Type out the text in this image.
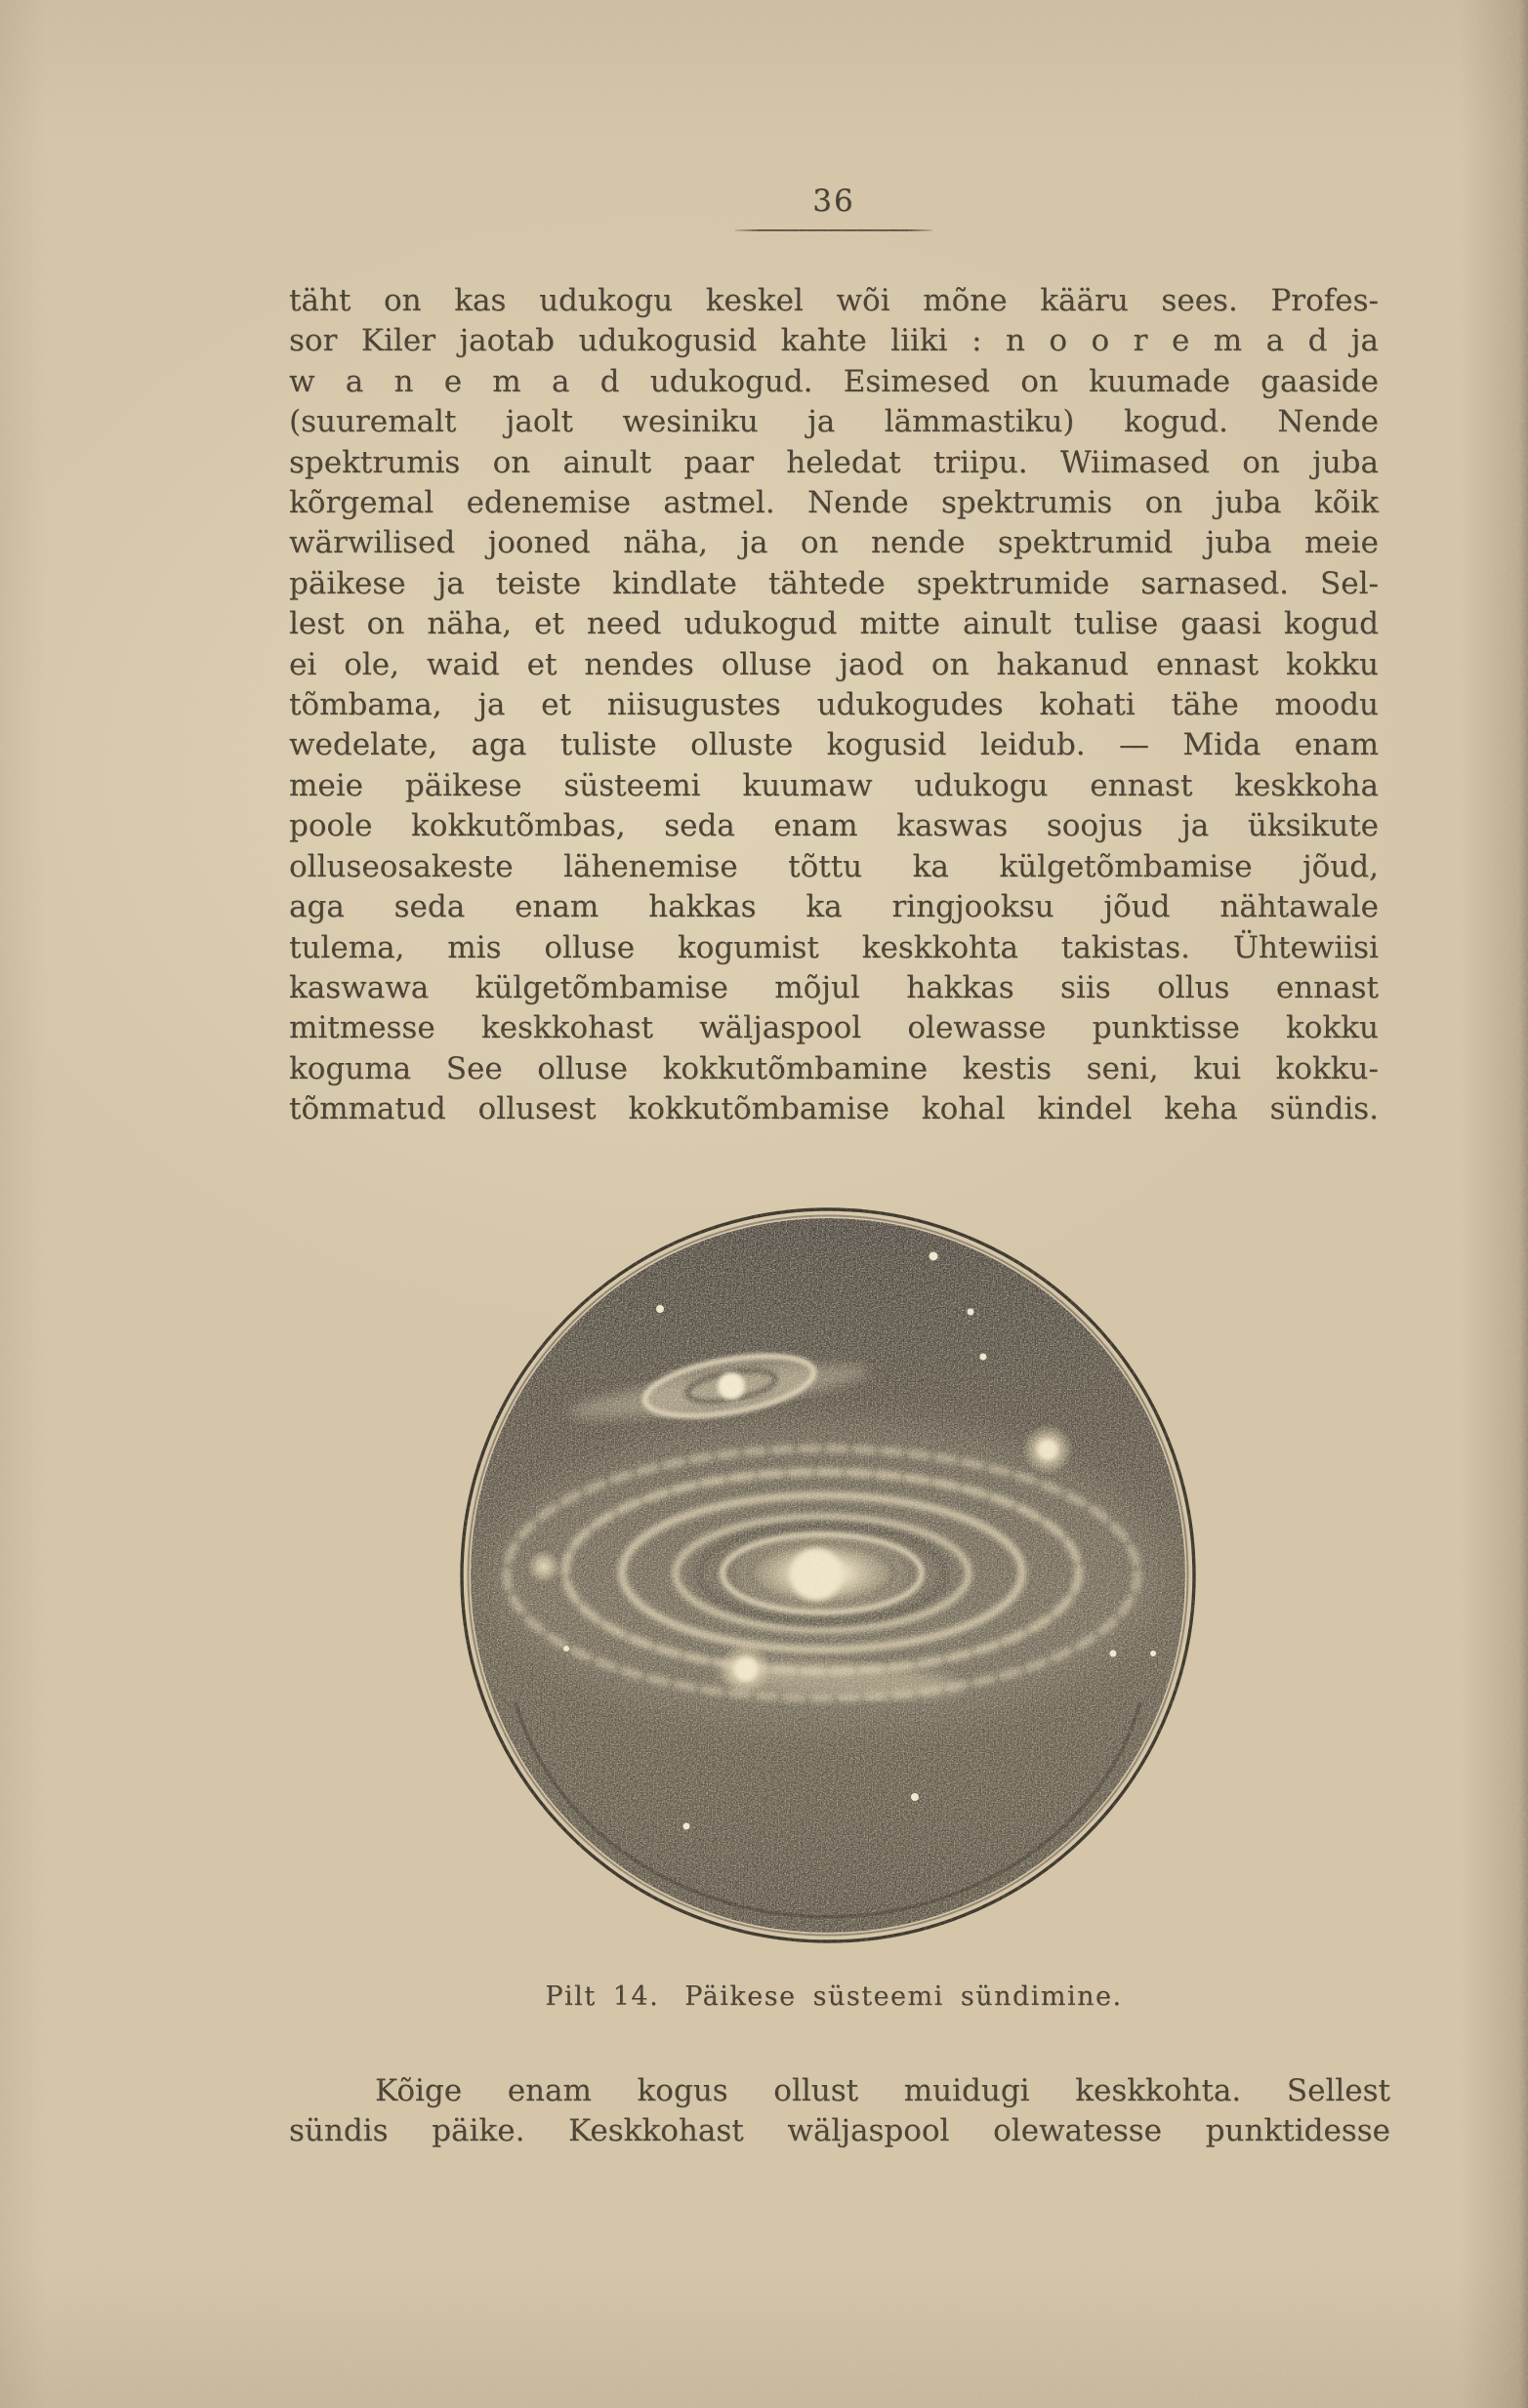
36
täht on kas udukogu keskel wõi mõne kääru sees. Profes-
sor Kiler jaotab udukogusid kahte liiki : n o o r e m a d ja
w a n e m a d udukogud. Esimesed on kuumade gaaside
(suuremalt jaolt wesiniku ja lämmastiku) kogud. Nende
spektrumis on ainult paar heledat triipu. Wiimased on juba
kõrgemal edenemise astmel. Nende spektrumis on juba kõik
wärwilised jooned näha, ja on nende spektrumid juba meie
päikese ja teiste kindlate tähtede spektrumide sarnased. Sel-
lest on näha, et need udukogud mitte ainult tulise gaasi kogud
ei ole, waid et nendes olluse jaod on hakanud ennast kokku
tõmbama, ja et niisugustes udukogudes kohati tähe moodu
wedelate, aga tuliste olluste kogusid leidub. — Mida enam
meie päikese süsteemi kuumaw udukogu ennast keskkoha
poole kokkutõmbas, seda enam kaswas soojus ja üksikute
olluseosakeste lähenemise tõttu ka külgetõmbamise jõud,
aga seda enam hakkas ka ringjooksu jõud nähtawale
tulema, mis olluse kogumist keskkohta takistas. Ühtewiisi
kaswawa külgetõmbamise mõjul hakkas siis ollus ennast
mitmesse keskkohast wäljaspool olewasse punktisse kokku
koguma See olluse kokkutõmbamine kestis seni, kui kokku-
tõmmatud ollusest kokkutõmbamise kohal kindel keha sündis.
Pilt 14. Päikese süsteemi sündimine.
Kõige enam kogus ollust muidugi keskkohta. Sellest
sündis päike. Keskkohast wäljaspool olewatesse punktidesse
